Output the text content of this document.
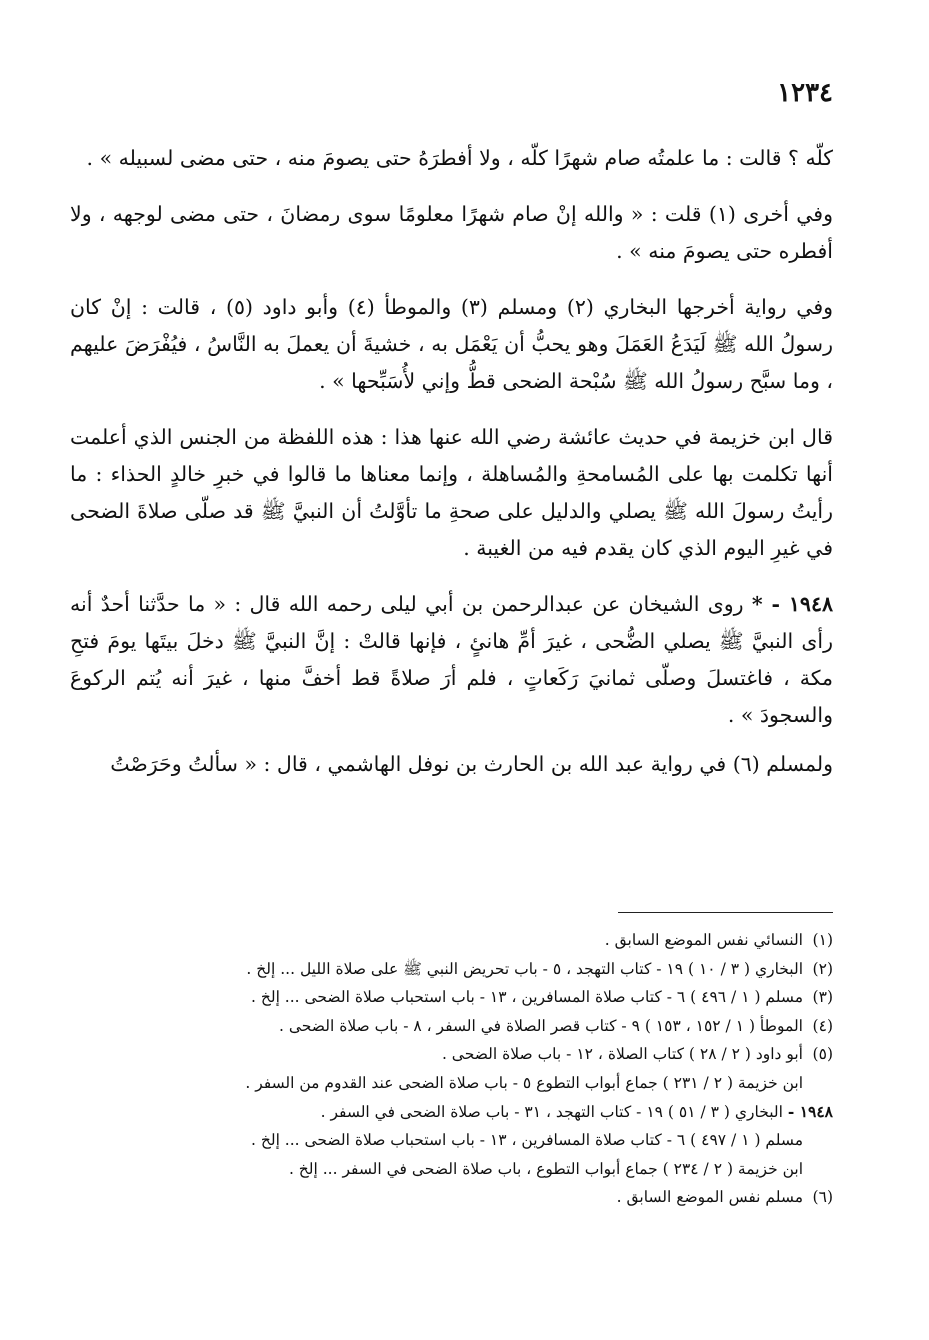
١٢٣٤

كلّه ؟ قالت : ما علمتُه صام شهرًا كلّه ، ولا أفطرَهُ حتى يصومَ منه ، حتى مضى لسبيله » .

وفي أخرى (١) قلت : « والله إنْ صام شهرًا معلومًا سوى رمضانَ ، حتى مضى لوجهه ، ولا أفطره حتى يصومَ منه » .

وفي رواية أخرجها البخاري (٢) ومسلم (٣) والموطأ (٤) وأبو داود (٥) ، قالت : إنْ كان رسولُ الله ﷺ لَيَدَعُ العَمَلَ وهو يحبُّ أن يَعْمَل به ، خشيةَ أن يعملَ به النَّاسُ ، فيُفْرَضَ عليهم ، وما سبَّح رسولُ الله ﷺ سُبْحة الضحى قطُّ وإني لأُسَبِّحها » .

قال ابن خزيمة في حديث عائشة رضي الله عنها هذا : هذه اللفظة من الجنس الذي أعلمت أنها تكلمت بها على المُسامحةِ والمُساهلة ، وإنما معناها ما قالوا في خبرِ خالدٍ الحذاء : ما رأيتُ رسولَ الله ﷺ يصلي والدليل على صحةِ ما تأوَّلتُ أن النبيَّ ﷺ قد صلّى صلاةَ الضحى في غيرِ اليوم الذي كان يقدم فيه من الغيبة .

١٩٤٨ - * روى الشيخان عن عبدالرحمن بن أبي ليلى رحمه الله قال : « ما حدَّثنا أحدٌ أنه رأى النبيَّ ﷺ يصلي الضُّحى ، غيرَ أمِّ هانئٍ ، فإنها قالتْ : إنَّ النبيَّ ﷺ دخلَ بيتَها يومَ فتحِ مكة ، فاغتسلَ وصلّى ثمانيَ رَكَعاتٍ ، فلم أرَ صلاةً قط أخفَّ منها ، غيرَ أنه يُتم الركوعَ والسجودَ » .

ولمسلم (٦) في رواية عبد الله بن الحارث بن نوفل الهاشمي ، قال : « سألتُ وحَرَصْتُ

(١)النسائي نفس الموضع السابق .
(٢)البخاري ( ٣ / ١٠ ) ١٩ - كتاب التهجد ، ٥ - باب تحريض النبي ﷺ على صلاة الليل ... إلخ .
(٣)مسلم ( ١ / ٤٩٦ ) ٦ - كتاب صلاة المسافرين ، ١٣ - باب استحباب صلاة الضحى ... إلخ .
(٤)الموطأ ( ١ / ١٥٢ ، ١٥٣ ) ٩ - كتاب قصر الصلاة في السفر ، ٨ - باب صلاة الضحى .
(٥)أبو داود ( ٢ / ٢٨ ) كتاب الصلاة ، ١٢ - باب صلاة الضحى .
ابن خزيمة ( ٢ / ٢٣١ ) جماع أبواب التطوع ٥ - باب صلاة الضحى عند القدوم من السفر .
١٩٤٨ - البخاري ( ٣ / ٥١ ) ١٩ - كتاب التهجد ، ٣١ - باب صلاة الضحى في السفر .
مسلم ( ١ / ٤٩٧ ) ٦ - كتاب صلاة المسافرين ، ١٣ - باب استحباب صلاة الضحى ... إلخ .
ابن خزيمة ( ٢ / ٢٣٤ ) جماع أبواب التطوع ، باب صلاة الضحى في السفر ... إلخ .
(٦)مسلم نفس الموضع السابق .
